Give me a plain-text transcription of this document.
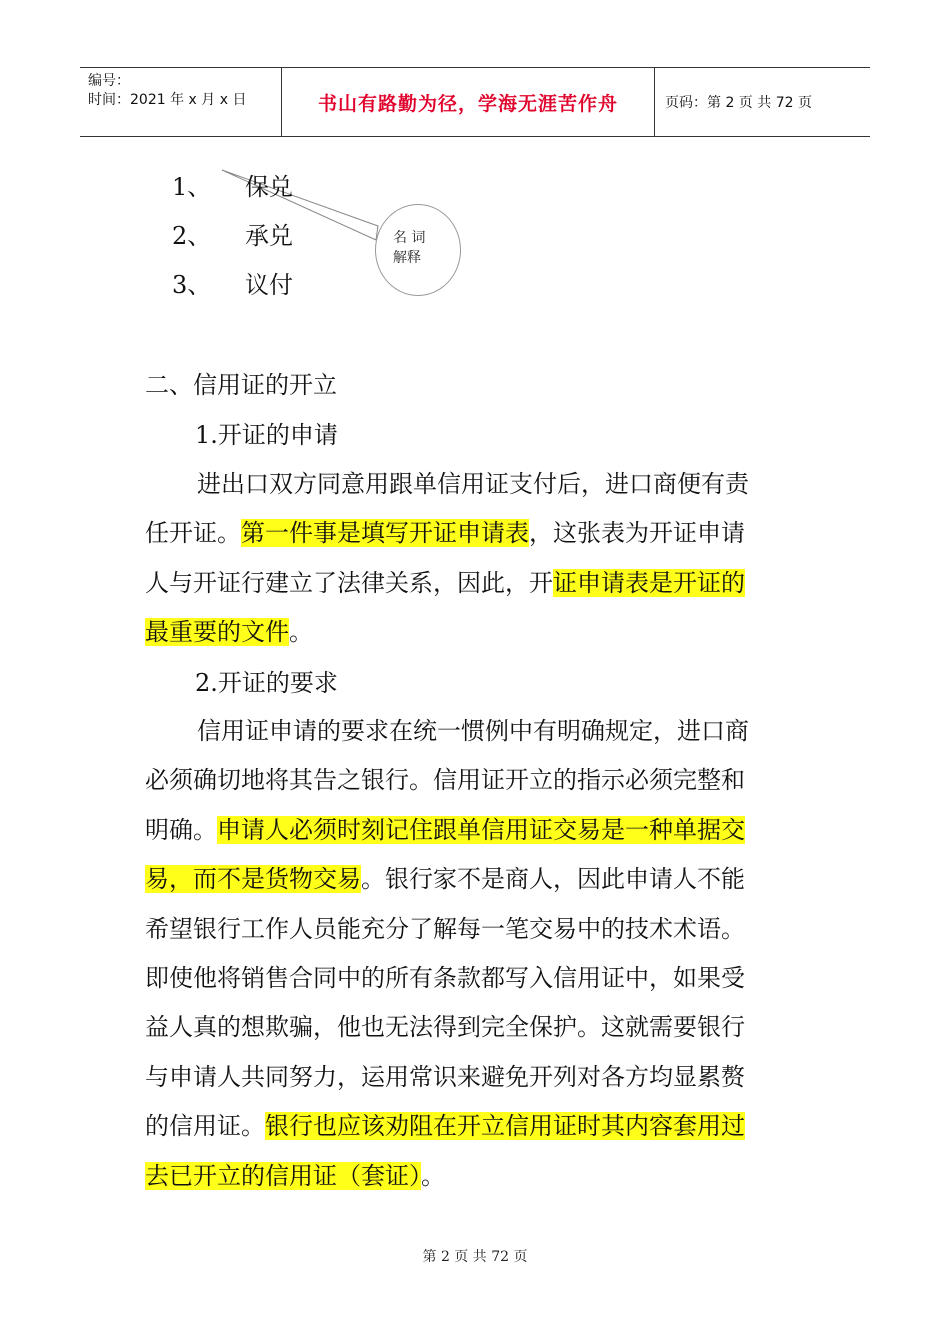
编号：
时间：2021 年 x 月 x 日	书山有路勤为径，学海无涯苦作舟	页码：第 2 页 共 72 页
1、 保兑
2、 承兑
3、 议付
名 词
解释
二、信用证的开立
1.开证的申请

进出口双方同意用跟单信用证支付后，进口商便有责

任开证。第一件事是填写开证申请表，这张表为开证申请

人与开证行建立了法律关系，因此，开证申请表是开证的

最重要的文件。

2.开证的要求

信用证申请的要求在统一惯例中有明确规定，进口商

必须确切地将其告之银行。信用证开立的指示必须完整和

明确。申请人必须时刻记住跟单信用证交易是一种单据交

易，而不是货物交易。银行家不是商人，因此申请人不能

希望银行工作人员能充分了解每一笔交易中的技术术语。

即使他将销售合同中的所有条款都写入信用证中，如果受

益人真的想欺骗，他也无法得到完全保护。这就需要银行

与申请人共同努力，运用常识来避免开列对各方均显累赘

的信用证。银行也应该劝阻在开立信用证时其内容套用过

去已开立的信用证（套证）。

第 2 页 共 72 页
